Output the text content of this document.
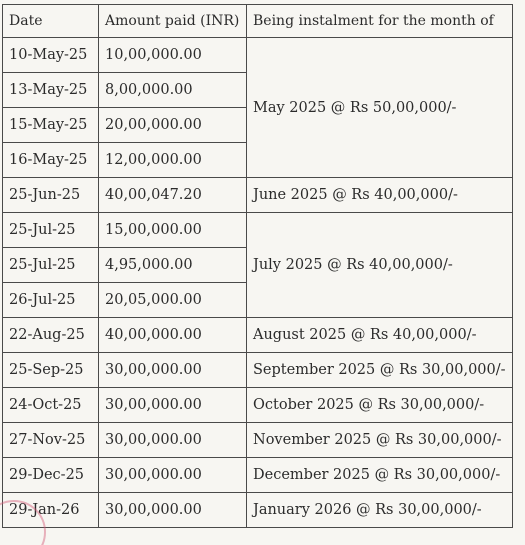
Date	Amount paid (INR)	Being instalment for the month of
10-May-25	10,00,000.00	May 2025 @ Rs 50,00,000/-
13-May-25	8,00,000.00	
15-May-25	20,00,000.00	
16-May-25	12,00,000.00	
25-Jun-25	40,00,047.20	June 2025 @ Rs 40,00,000/-
25-Jul-25	15,00,000.00	July 2025 @ Rs 40,00,000/-
25-Jul-25	4,95,000.00	
26-Jul-25	20,05,000.00	
22-Aug-25	40,00,000.00	August 2025 @ Rs 40,00,000/-
25-Sep-25	30,00,000.00	September 2025 @ Rs 30,00,000/-
24-Oct-25	30,00,000.00	October 2025 @ Rs 30,00,000/-
27-Nov-25	30,00,000.00	November 2025 @ Rs 30,00,000/-
29-Dec-25	30,00,000.00	December 2025 @ Rs 30,00,000/-
29-Jan-26	30,00,000.00	January 2026 @ Rs 30,00,000/-
